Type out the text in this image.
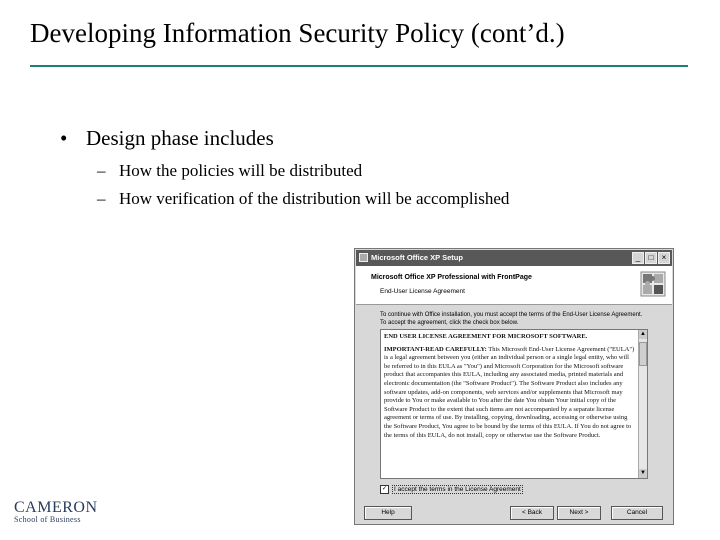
Developing Information Security Policy (cont’d.)
• Design phase includes
– How the policies will be distributed
– How verification of the distribution will be accomplished
Microsoft Office XP Setup	_	□	×
Microsoft Office XP Professional with FrontPage
End-User License Agreement
To continue with Office installation, you must accept the terms of the End-User License Agreement. To accept the agreement, click the check box below.
END USER LICENSE AGREEMENT FOR MICROSOFT SOFTWARE.
IMPORTANT-READ CAREFULLY: This Microsoft End-User License Agreement ("EULA") is a legal agreement between you (either an individual person or a single legal entity, who will be referred to in this EULA as "You") and Microsoft Corporation for the Microsoft software product that accompanies this EULA, including any associated media, printed materials and electronic documentation (the "Software Product"). The Software Product also includes any software updates, add-on components, web services and/or supplements that Microsoft may provide to You or make available to You after the date You obtain Your initial copy of the Software Product to the extent that such items are not accompanied by a separate license agreement or terms of use. By installing, copying, downloading, accessing or otherwise using the Software Product, You agree to be bound by the terms of this EULA. If You do not agree to the terms of this EULA, do not install, copy or otherwise use the Software Product.
▲
▼
✓ I accept the terms in the License Agreement
Help	< Back	Next >	Cancel
CAMERON
School of Business
